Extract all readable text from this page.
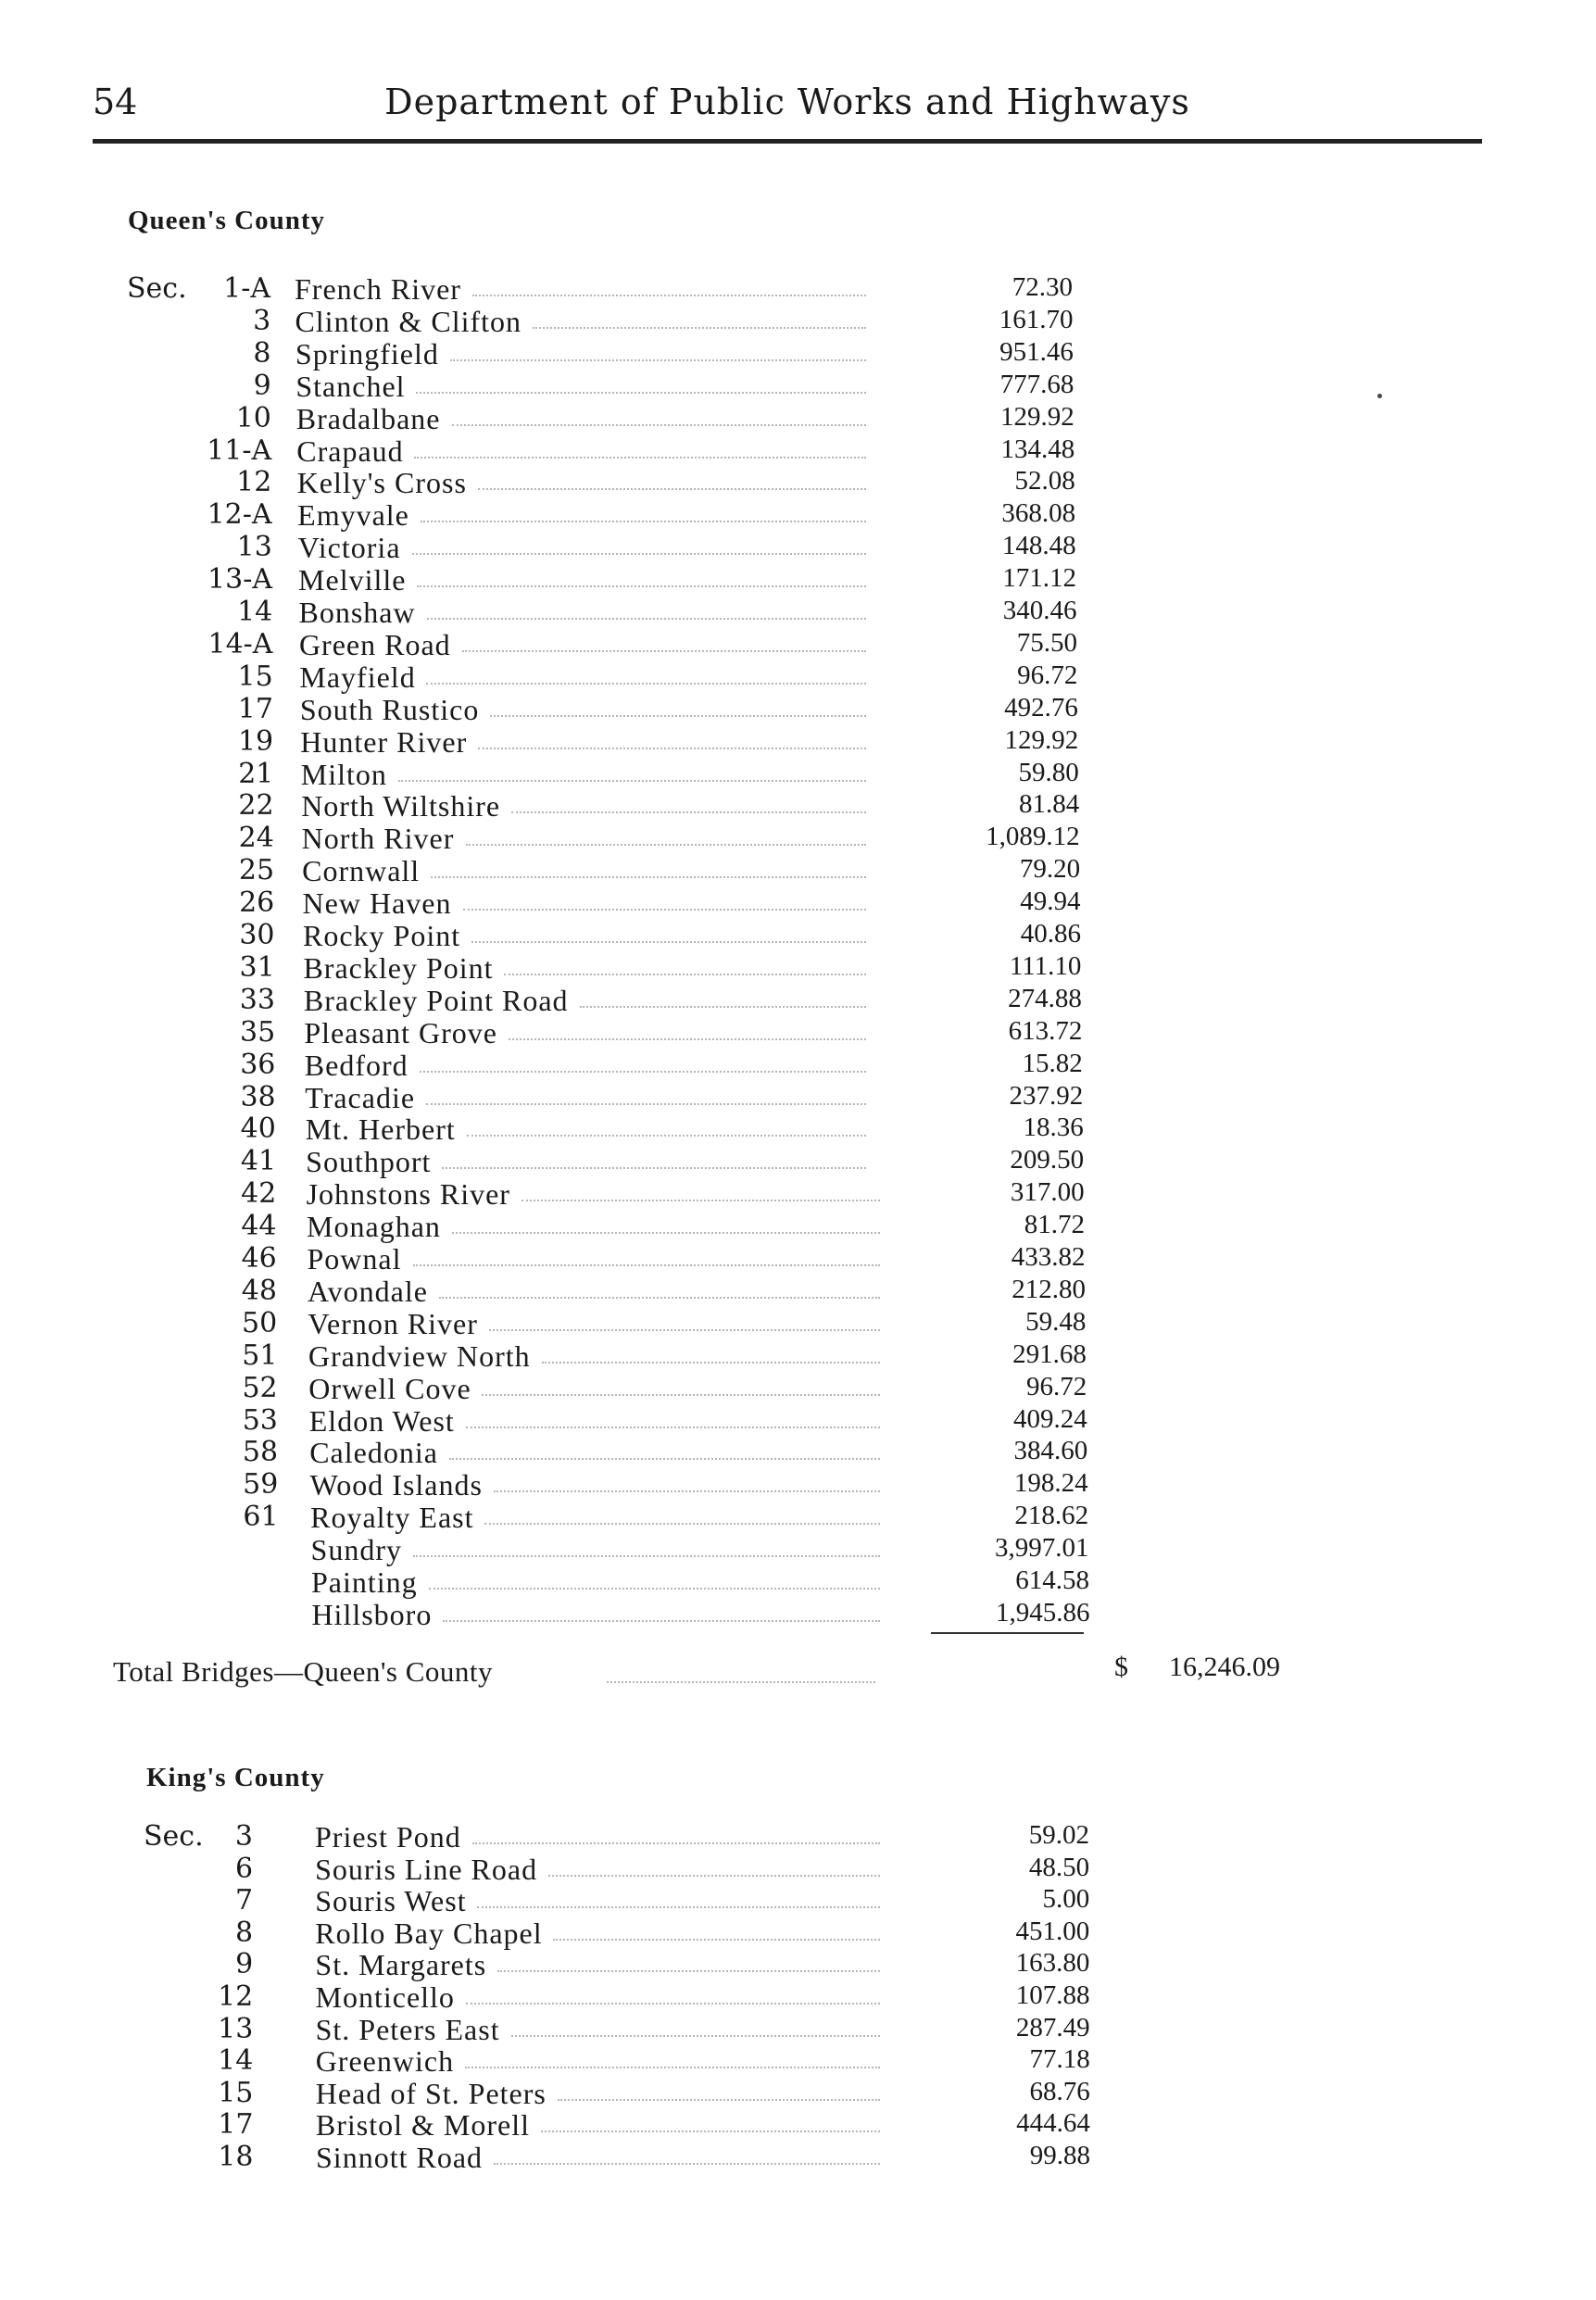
54	Department of Public Works and Highways
Queen's County
Sec.	1-A French River	72.30
3 Clinton & Clifton	161.70
8 Springfield	951.46
9 Stanchel	777.68
10 Bradalbane	129.92
11-A Crapaud	134.48
12 Kelly's Cross	52.08
12-A Emyvale	368.08
13 Victoria	148.48
13-A Melville	171.12
14 Bonshaw	340.46
14-A Green Road	75.50
15 Mayfield	96.72
17 South Rustico	492.76
19 Hunter River	129.92
21 Milton	59.80
22 North Wiltshire	81.84
24 North River	1,089.12
25 Cornwall	79.20
26 New Haven	49.94
30 Rocky Point	40.86
31 Brackley Point	111.10
33 Brackley Point Road	274.88
35 Pleasant Grove	613.72
36 Bedford	15.82
38 Tracadie	237.92
40 Mt. Herbert	18.36
41 Southport	209.50
42 Johnstons River	317.00
44 Monaghan	81.72
46 Pownal	433.82
48 Avondale	212.80
50 Vernon River	59.48
51 Grandview North	291.68
52 Orwell Cove	96.72
53 Eldon West	409.24
58 Caledonia	384.60
59 Wood Islands	198.24
61 Royalty East	218.62
Sundry	3,997.01
Painting	614.58
Hillsboro	1,945.86
Total Bridges—Queen's County	$ 16,246.09
King's County
Sec.	3 Priest Pond	59.02
6 Souris Line Road	48.50
7 Souris West	5.00
8 Rollo Bay Chapel	451.00
9 St. Margarets	163.80
12 Monticello	107.88
13 St. Peters East	287.49
14 Greenwich	77.18
15 Head of St. Peters	68.76
17 Bristol & Morell	444.64
18 Sinnott Road	99.88
